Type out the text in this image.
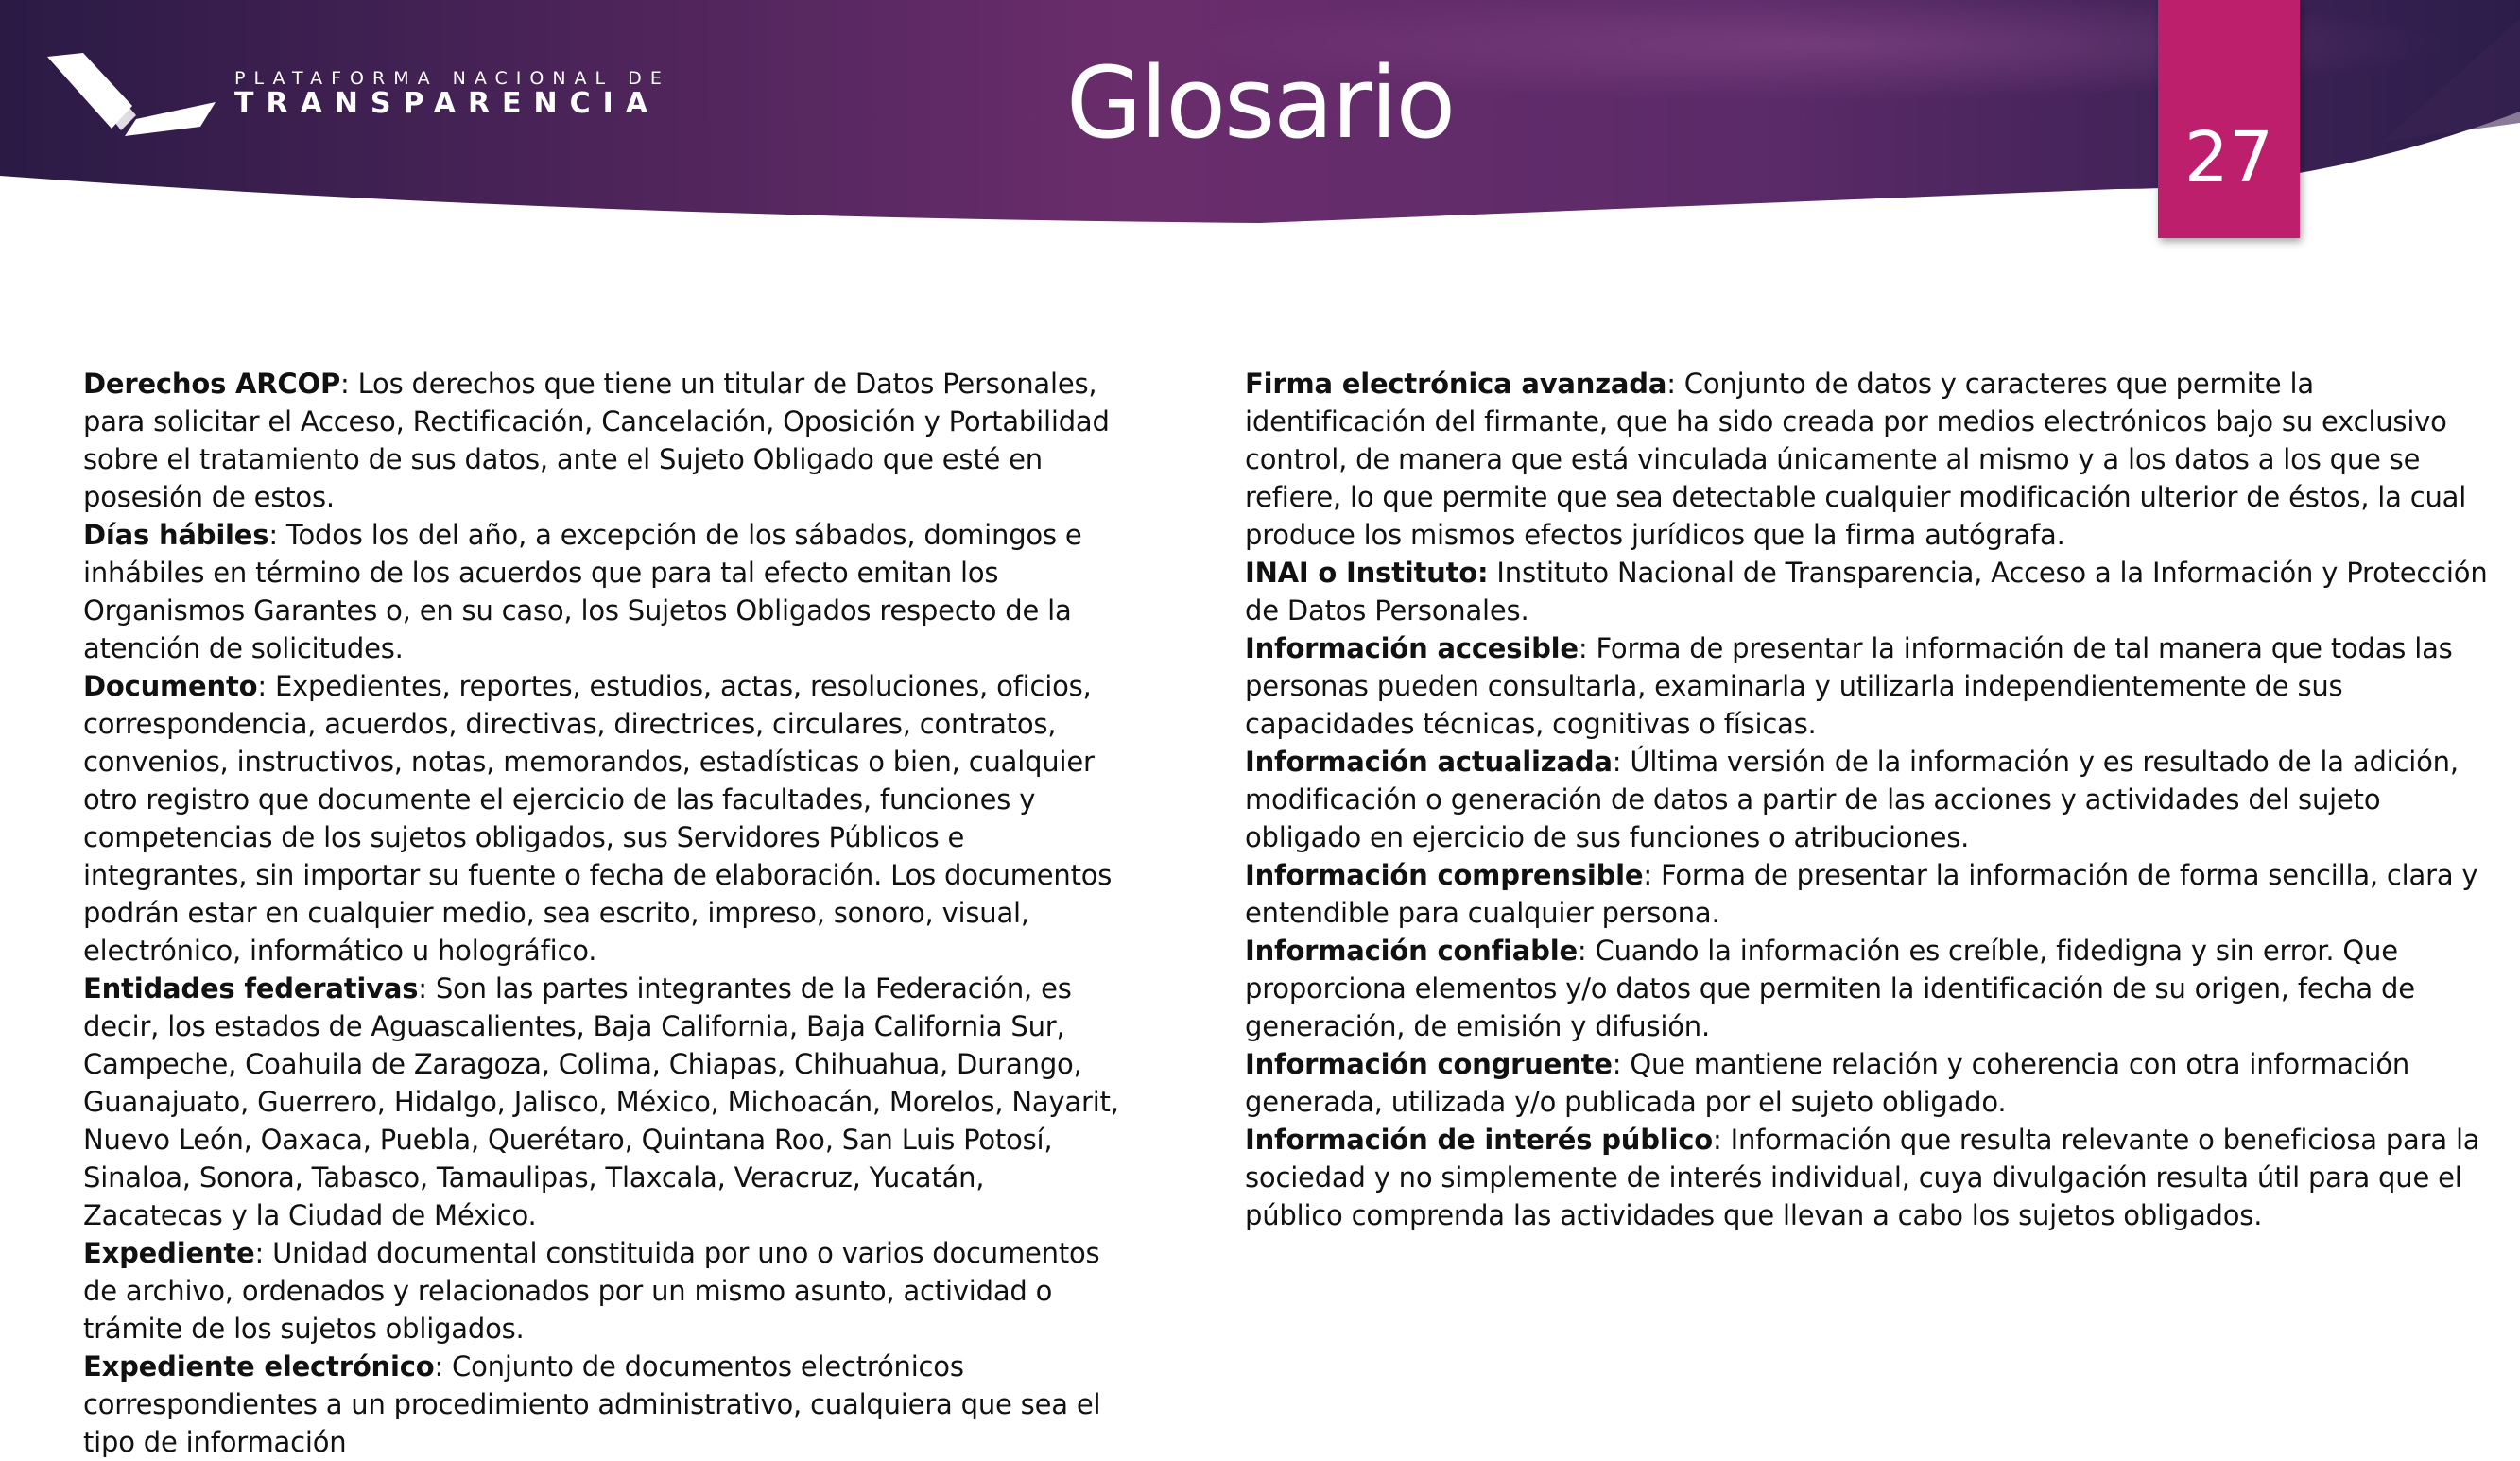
PLATAFORMA NACIONAL DE
TRANSPARENCIA	Glosario	27

Derechos ARCOP: Los derechos que tiene un titular de Datos Personales, para solicitar el Acceso, Rectificación, Cancelación, Oposición y Portabilidad sobre el tratamiento de sus datos, ante el Sujeto Obligado que esté en posesión de estos.

Días hábiles: Todos los del año, a excepción de los sábados, domingos e inhábiles en término de los acuerdos que para tal efecto emitan los Organismos Garantes o, en su caso, los Sujetos Obligados respecto de la atención de solicitudes.

Documento: Expedientes, reportes, estudios, actas, resoluciones, oficios, correspondencia, acuerdos, directivas, directrices, circulares, contratos, convenios, instructivos, notas, memorandos, estadísticas o bien, cualquier otro registro que documente el ejercicio de las facultades, funciones y competencias de los sujetos obligados, sus Servidores Públicos e integrantes, sin importar su fuente o fecha de elaboración. Los documentos podrán estar en cualquier medio, sea escrito, impreso, sonoro, visual, electrónico, informático u holográfico.

Entidades federativas: Son las partes integrantes de la Federación, es decir, los estados de Aguascalientes, Baja California, Baja California Sur, Campeche, Coahuila de Zaragoza, Colima, Chiapas, Chihuahua, Durango, Guanajuato, Guerrero, Hidalgo, Jalisco, México, Michoacán, Morelos, Nayarit, Nuevo León, Oaxaca, Puebla, Querétaro, Quintana Roo, San Luis Potosí, Sinaloa, Sonora, Tabasco, Tamaulipas, Tlaxcala, Veracruz, Yucatán, Zacatecas y la Ciudad de México.

Expediente: Unidad documental constituida por uno o varios documentos de archivo, ordenados y relacionados por un mismo asunto, actividad o trámite de los sujetos obligados.

Expediente electrónico: Conjunto de documentos electrónicos correspondientes a un procedimiento administrativo, cualquiera que sea el tipo de información

Firma electrónica avanzada: Conjunto de datos y caracteres que permite la identificación del firmante, que ha sido creada por medios electrónicos bajo su exclusivo control, de manera que está vinculada únicamente al mismo y a los datos a los que se refiere, lo que permite que sea detectable cualquier modificación ulterior de éstos, la cual produce los mismos efectos jurídicos que la firma autógrafa.

INAI o Instituto: Instituto Nacional de Transparencia, Acceso a la Información y Protección de Datos Personales.

Información accesible: Forma de presentar la información de tal manera que todas las personas pueden consultarla, examinarla y utilizarla independientemente de sus capacidades técnicas, cognitivas o físicas.

Información actualizada: Última versión de la información y es resultado de la adición, modificación o generación de datos a partir de las acciones y actividades del sujeto obligado en ejercicio de sus funciones o atribuciones.

Información comprensible: Forma de presentar la información de forma sencilla, clara y entendible para cualquier persona.

Información confiable: Cuando la información es creíble, fidedigna y sin error. Que proporciona elementos y/o datos que permiten la identificación de su origen, fecha de generación, de emisión y difusión.

Información congruente: Que mantiene relación y coherencia con otra información generada, utilizada y/o publicada por el sujeto obligado.

Información de interés público: Información que resulta relevante o beneficiosa para la sociedad y no simplemente de interés individual, cuya divulgación resulta útil para que el público comprenda las actividades que llevan a cabo los sujetos obligados.
